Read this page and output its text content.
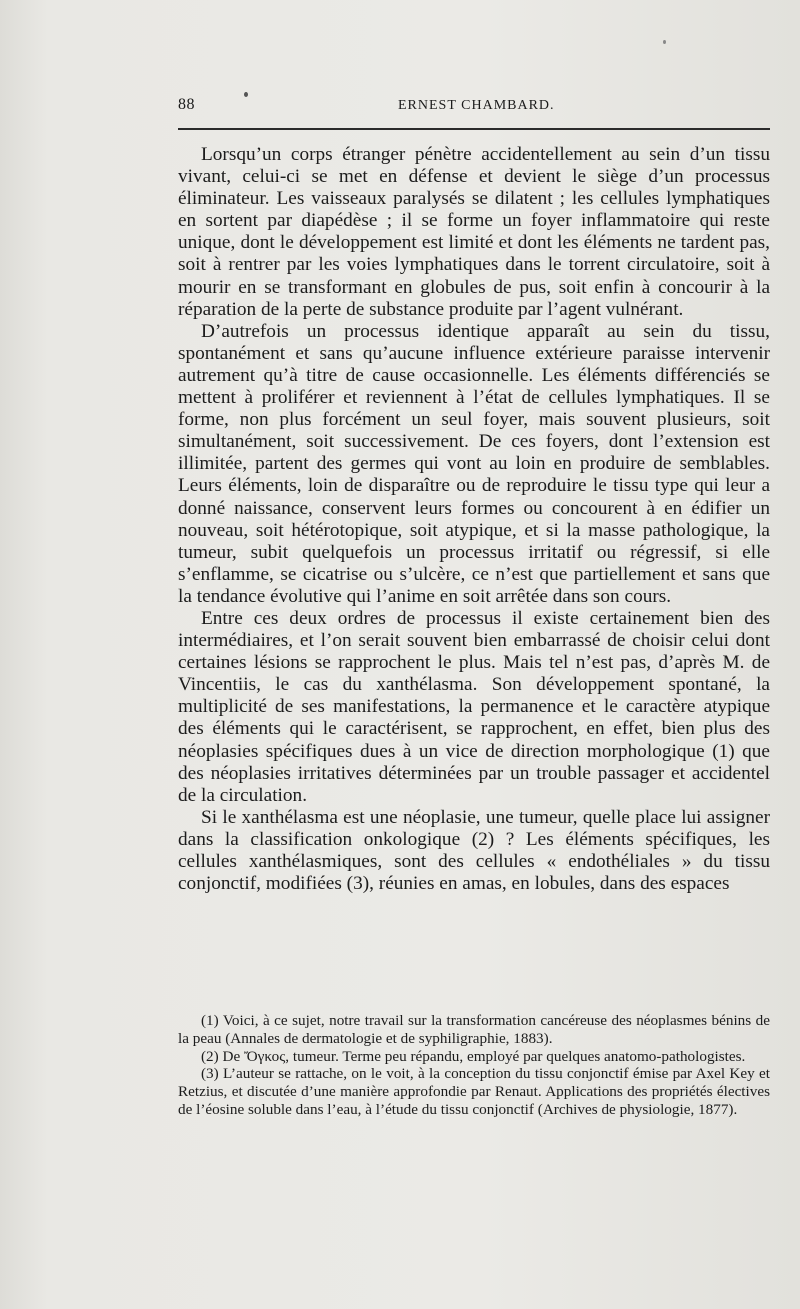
88	ERNEST CHAMBARD.

Lorsqu’un corps étranger pénètre accidentellement au sein d’un tissu vivant, celui-ci se met en défense et devient le siège d’un processus éliminateur. Les vaisseaux paralysés se dilatent ; les cellules lymphatiques en sortent par diapédèse ; il se forme un foyer inflammatoire qui reste unique, dont le développement est limité et dont les éléments ne tardent pas, soit à rentrer par les voies lymphatiques dans le torrent circulatoire, soit à mourir en se transformant en globules de pus, soit enfin à concourir à la réparation de la perte de substance produite par l’agent vulnérant.

D’autrefois un processus identique apparaît au sein du tissu, spontanément et sans qu’aucune influence extérieure paraisse intervenir autrement qu’à titre de cause occasionnelle. Les éléments différenciés se mettent à proliférer et reviennent à l’état de cellules lymphatiques. Il se forme, non plus forcément un seul foyer, mais souvent plusieurs, soit simultanément, soit successivement. De ces foyers, dont l’extension est illimitée, partent des germes qui vont au loin en produire de semblables. Leurs éléments, loin de disparaître ou de reproduire le tissu type qui leur a donné naissance, conservent leurs formes ou concourent à en édifier un nouveau, soit hétérotopique, soit atypique, et si la masse pathologique, la tumeur, subit quelquefois un processus irritatif ou régressif, si elle s’enflamme, se cicatrise ou s’ulcère, ce n’est que partiellement et sans que la tendance évolutive qui l’anime en soit arrêtée dans son cours.

Entre ces deux ordres de processus il existe certainement bien des intermédiaires, et l’on serait souvent bien embarrassé de choisir celui dont certaines lésions se rapprochent le plus. Mais tel n’est pas, d’après M. de Vincentiis, le cas du xanthélasma. Son développement spontané, la multiplicité de ses manifestations, la permanence et le caractère atypique des éléments qui le caractérisent, se rapprochent, en effet, bien plus des néoplasies spécifiques dues à un vice de direction morphologique (1) que des néoplasies irritatives déterminées par un trouble passager et accidentel de la circulation.

Si le xanthélasma est une néoplasie, une tumeur, quelle place lui assigner dans la classification onkologique (2) ? Les éléments spécifiques, les cellules xanthélasmiques, sont des cellules « endothéliales » du tissu conjonctif, modifiées (3), réunies en amas, en lobules, dans des espaces

(1) Voici, à ce sujet, notre travail sur la transformation cancéreuse des néoplasmes bénins de la peau (Annales de dermatologie et de syphiligraphie, 1883).

(2) De Ὄγκος, tumeur. Terme peu répandu, employé par quelques anatomo-pathologistes.

(3) L’auteur se rattache, on le voit, à la conception du tissu conjonctif émise par Axel Key et Retzius, et discutée d’une manière approfondie par Renaut. Applications des propriétés électives de l’éosine soluble dans l’eau, à l’étude du tissu conjonctif (Archives de physiologie, 1877).
